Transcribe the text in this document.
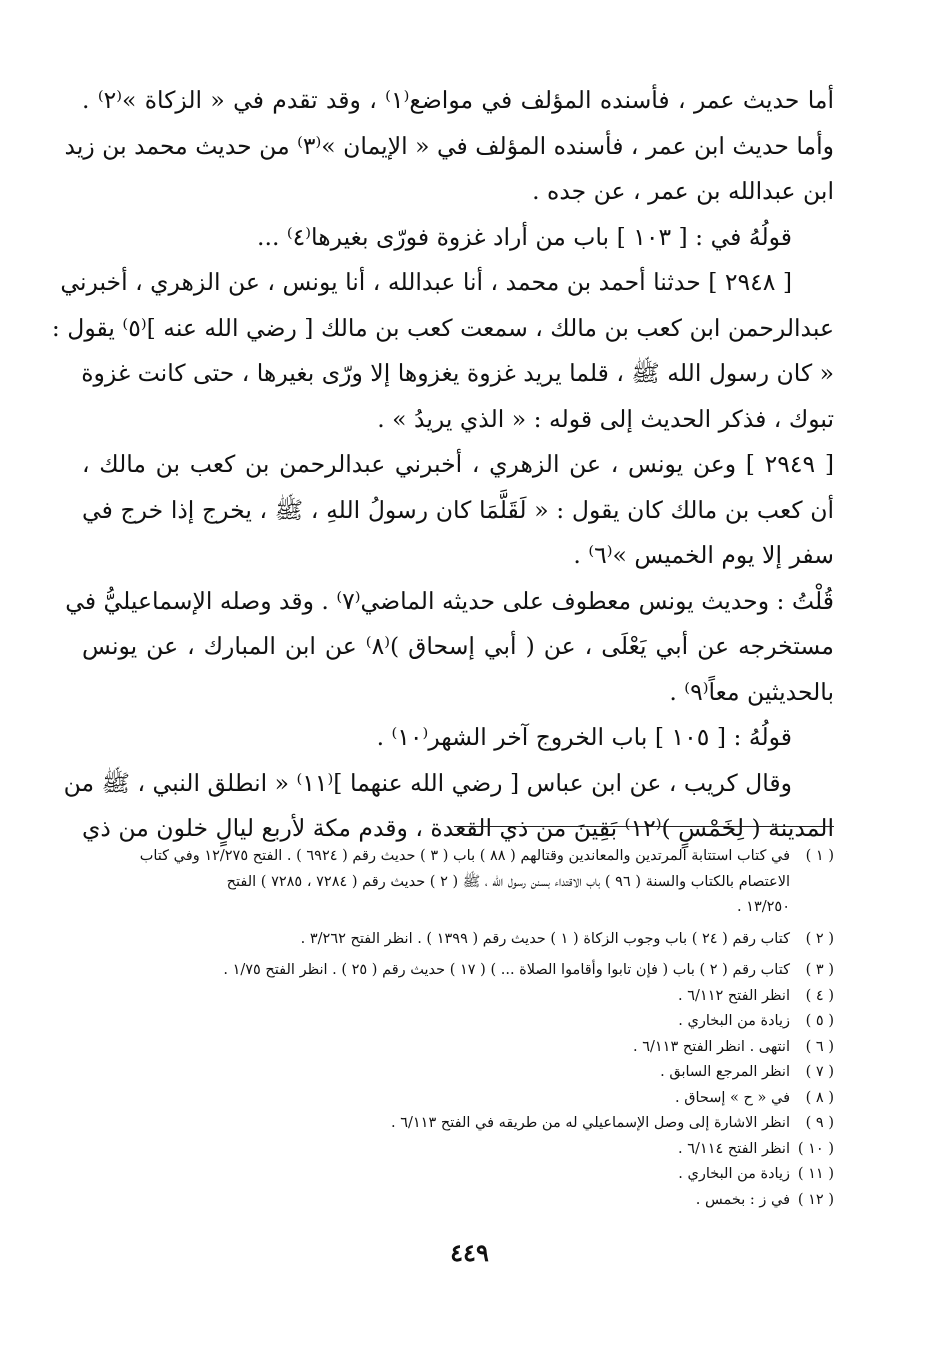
أما حديث عمر ، فأسنده المؤلف في مواضع⁽١⁾ ، وقد تقدم في « الزكاة »⁽٢⁾ .
وأما حديث ابن عمر ، فأسنده المؤلف في « الإيمان »⁽٣⁾ من حديث محمد بن زيد
ابن عبدالله بن عمر ، عن جده .
قولُهُ في : [ ١٠٣ ] باب من أراد غزوة فورّى بغيرها⁽٤⁾ ...
[ ٢٩٤٨ ] حدثنا أحمد بن محمد ، أنا عبدالله ، أنا يونس ، عن الزهري ، أخبرني
عبدالرحمن ابن كعب بن مالك ، سمعت كعب بن مالك [ رضي الله عنه ]⁽٥⁾ يقول :
« كان رسول الله ﷺ ، قلما يريد غزوة يغزوها إلا ورّى بغيرها ، حتى كانت غزوة
تبوك ، فذكر الحديث إلى قوله : « الذي يريدُ » .
[ ٢٩٤٩ ] وعن يونس ، عن الزهري ، أخبرني عبدالرحمن بن كعب بن مالك ،
أن كعب بن مالك كان يقول : « لَقَلَّمَا كان رسولُ اللهِ ، ﷺ ، يخرج إذا خرج في
سفر إلا يوم الخميس »⁽٦⁾ .
قُلْتُ : وحديث يونس معطوف على حديثه الماضي⁽٧⁾ . وقد وصله الإسماعيليُّ في
مستخرجه عن أبي يَعْلَى ، عن ( أبي إسحاق )⁽٨⁾ عن ابن المبارك ، عن يونس
بالحديثين معاً⁽٩⁾ .
قولُهُ : [ ١٠٥ ] باب الخروج آخر الشهر⁽١٠⁾ .
وقال كريب ، عن ابن عباس [ رضي الله عنهما ]⁽١١⁾ « انطلق النبي ، ﷺ من
المدينة ( لِخَمْسٍ )⁽١٢⁾ بَقِينَ من ذي القعدة ، وقدم مكة لأربع ليالٍ خلون من ذي
( ١ )
في كتاب استتابة المرتدين والمعاندين وقتالهم ( ٨٨ ) باب ( ٣ ) حديث رقم ( ٦٩٢٤ ) . الفتح ١٢/٢٧٥ وفي كتاب
الاعتصام بالكتاب والسنة ( ٩٦ ) باب الاقتداء بسنن رسول الله ، ﷺ ( ٢ ) حديث رقم ( ٧٢٨٤ ، ٧٢٨٥ ) الفتح
١٣/٢٥٠ .
( ٢ )
كتاب رقم ( ٢٤ ) باب وجوب الزكاة ( ١ ) حديث رقم ( ١٣٩٩ ) . انظر الفتح ٣/٢٦٢ .
( ٣ )
كتاب رقم ( ٢ ) باب ( فإن تابوا وأقاموا الصلاة ... ) ( ١٧ ) حديث رقم ( ٢٥ ) . انظر الفتح ١/٧٥ .
( ٤ )
انظر الفتح ٦/١١٢ .
( ٥ )
زيادة من البخاري .
( ٦ )
انتهى . انظر الفتح ٦/١١٣ .
( ٧ )
انظر المرجع السابق .
( ٨ )
في « ح » إسحاق .
( ٩ )
انظر الاشارة إلى وصل الإسماعيلي له من طريقه في الفتح ٦/١١٣ .
( ١٠ )
انظر الفتح ٦/١١٤ .
( ١١ )
زيادة من البخاري .
( ١٢ )
في ز : بخمس .
٤٤٩
